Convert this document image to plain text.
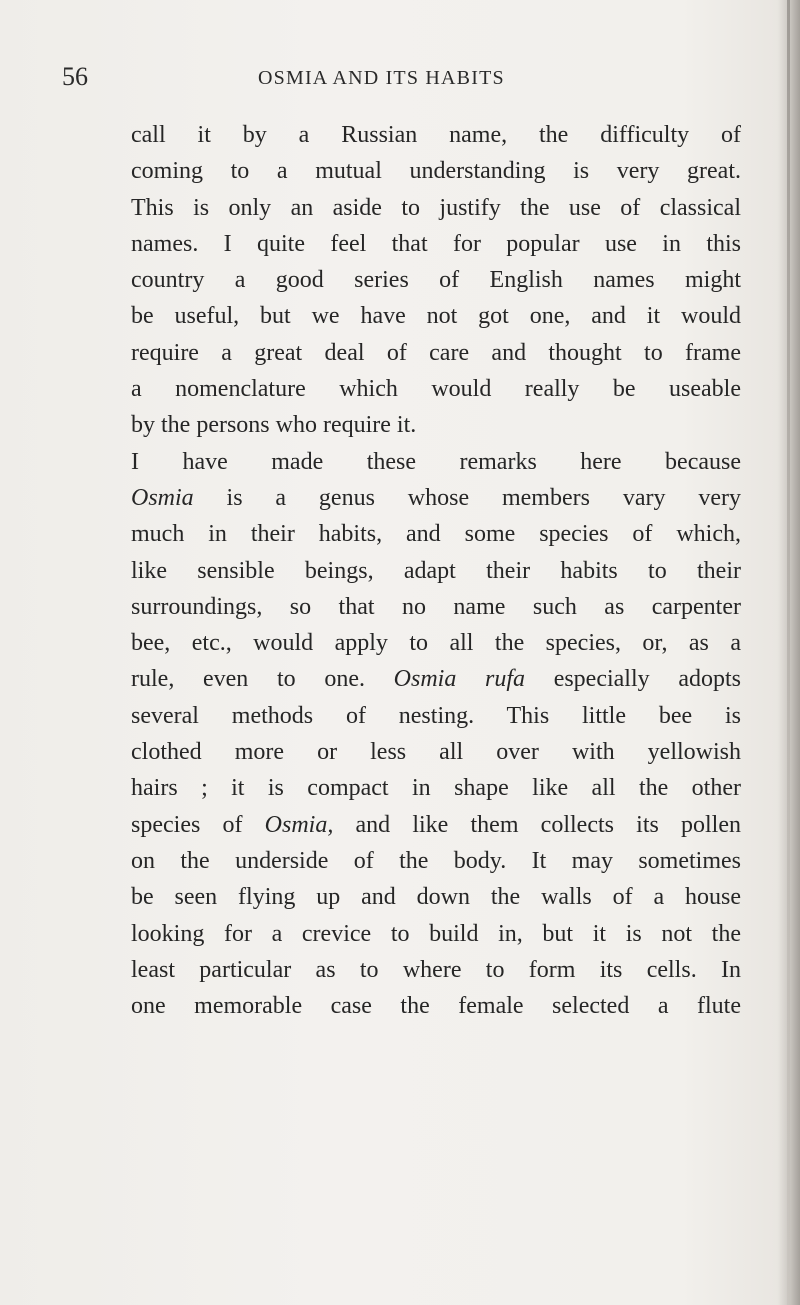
56	OSMIA AND ITS HABITS
call it by a Russian name, the difficulty of
coming to a mutual understanding is very great.
This is only an aside to justify the use of classical
names. I quite feel that for popular use in this
country a good series of English names might
be useful, but we have not got one, and it would
require a great deal of care and thought to frame
a nomenclature which would really be useable
by the persons who require it.
I have made these remarks here because
Osmia is a genus whose members vary very
much in their habits, and some species of which,
like sensible beings, adapt their habits to their
surroundings, so that no name such as carpenter
bee, etc., would apply to all the species, or, as a
rule, even to one. Osmia rufa especially adopts
several methods of nesting. This little bee is
clothed more or less all over with yellowish
hairs ; it is compact in shape like all the other
species of Osmia, and like them collects its pollen
on the underside of the body. It may sometimes
be seen flying up and down the walls of a house
looking for a crevice to build in, but it is not the
least particular as to where to form its cells. In
one memorable case the female selected a flute
